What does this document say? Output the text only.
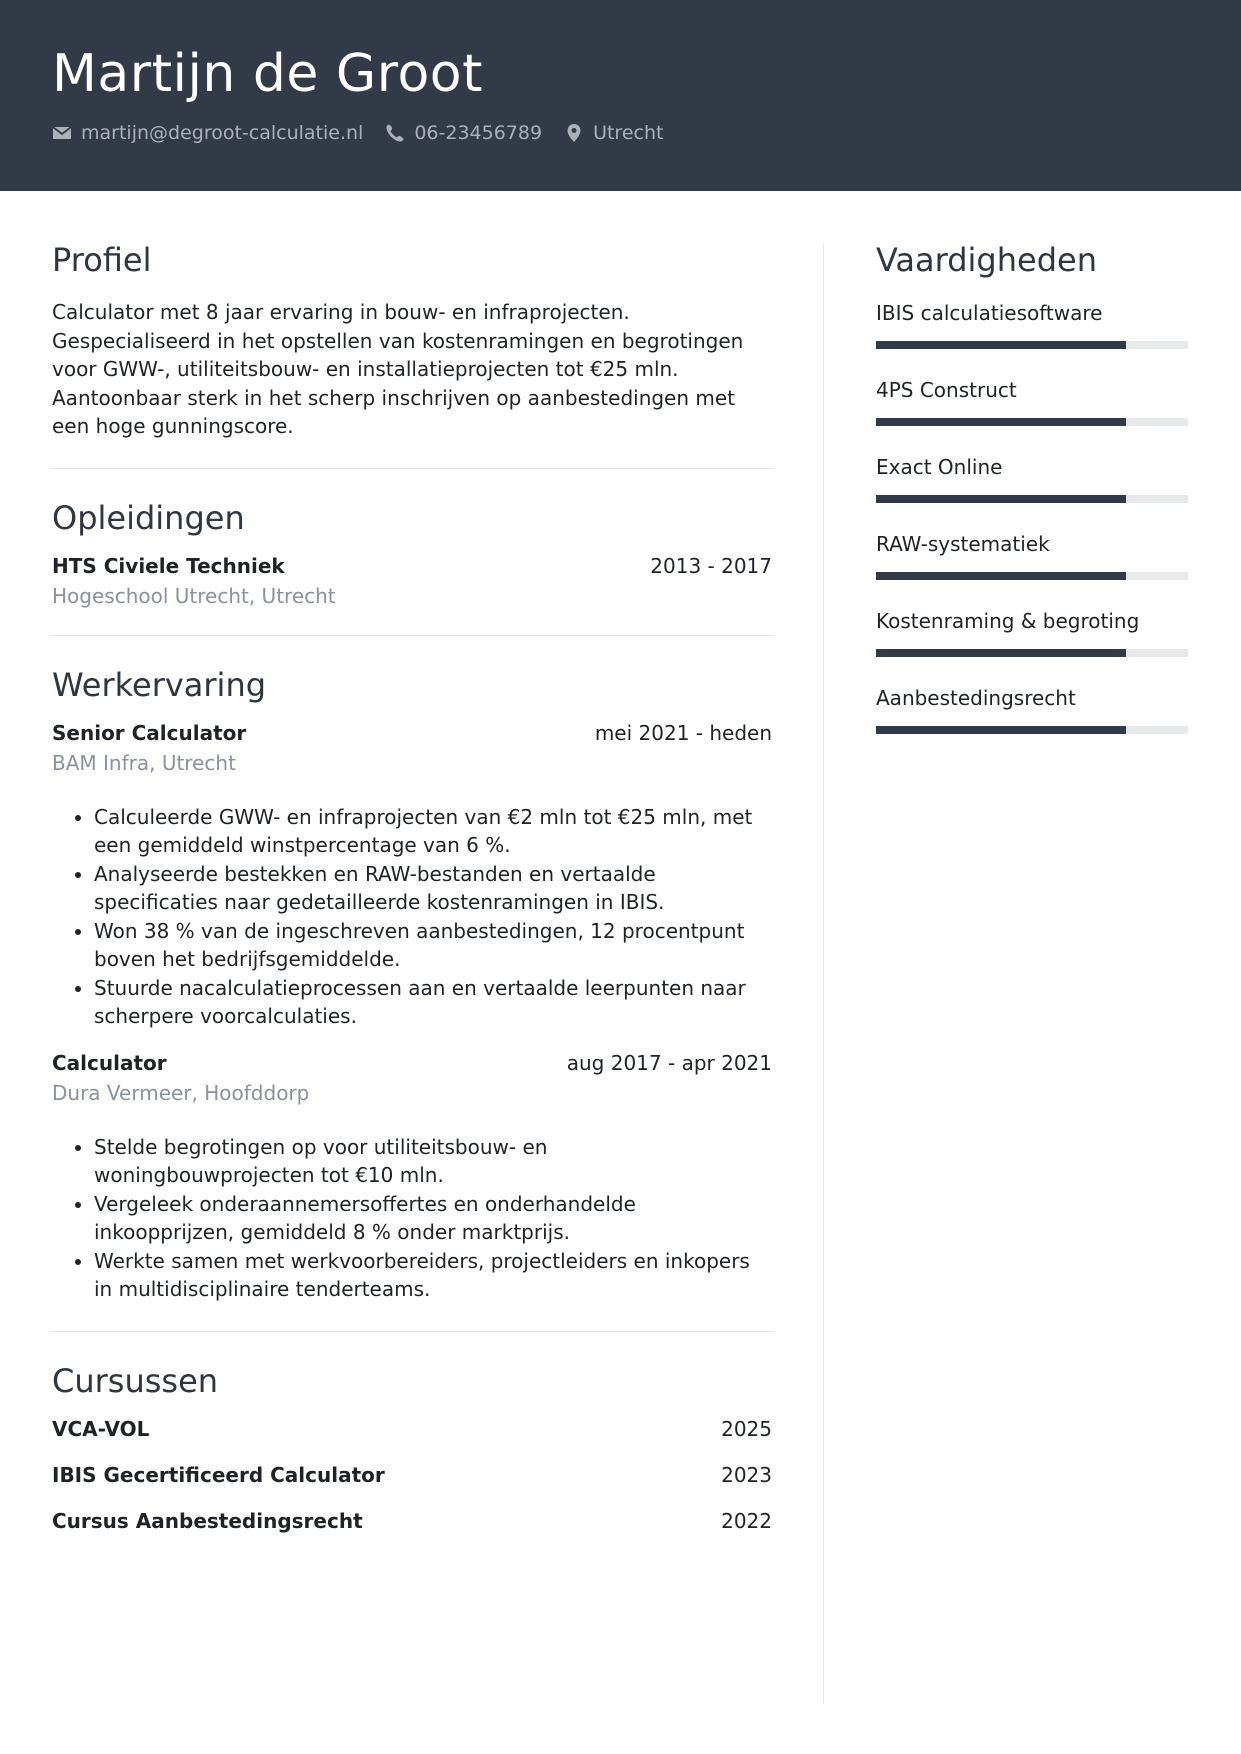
Martijn de Groot
martijn@degroot-calculatie.nl	06-23456789	Utrecht
Profiel

Calculator met 8 jaar ervaring in bouw- en infraprojecten. Gespecialiseerd in het opstellen van kostenramingen en begrotingen voor GWW-, utiliteitsbouw- en installatieprojecten tot €25 mln. Aantoonbaar sterk in het scherp inschrijven op aanbestedingen met een hoge gunningscore.

Opleidingen
HTS Civiele Techniek	2013 - 2017
Hogeschool Utrecht, Utrecht
Werkervaring
Senior Calculator	mei 2021 - heden
BAM Infra, Utrecht
• Calculeerde GWW- en infraprojecten van €2 mln tot €25 mln, met een gemiddeld winstpercentage van 6 %.
• Analyseerde bestekken en RAW-bestanden en vertaalde specificaties naar gedetailleerde kostenramingen in IBIS.
• Won 38 % van de ingeschreven aanbestedingen, 12 procentpunt boven het bedrijfsgemiddelde.
• Stuurde nacalculatieprocessen aan en vertaalde leerpunten naar scherpere voorcalculaties.
Calculator	aug 2017 - apr 2021
Dura Vermeer, Hoofddorp
• Stelde begrotingen op voor utiliteitsbouw- en woningbouwprojecten tot €10 mln.
• Vergeleek onderaannemersoffertes en onderhandelde inkoopprijzen, gemiddeld 8 % onder marktprijs.
• Werkte samen met werkvoorbereiders, projectleiders en inkopers in multidisciplinaire tenderteams.
Cursussen
VCA-VOL	2025
IBIS Gecertificeerd Calculator	2023
Cursus Aanbestedingsrecht	2022
Vaardigheden
IBIS calculatiesoftware
4PS Construct
Exact Online
RAW-systematiek
Kostenraming & begroting
Aanbestedingsrecht
